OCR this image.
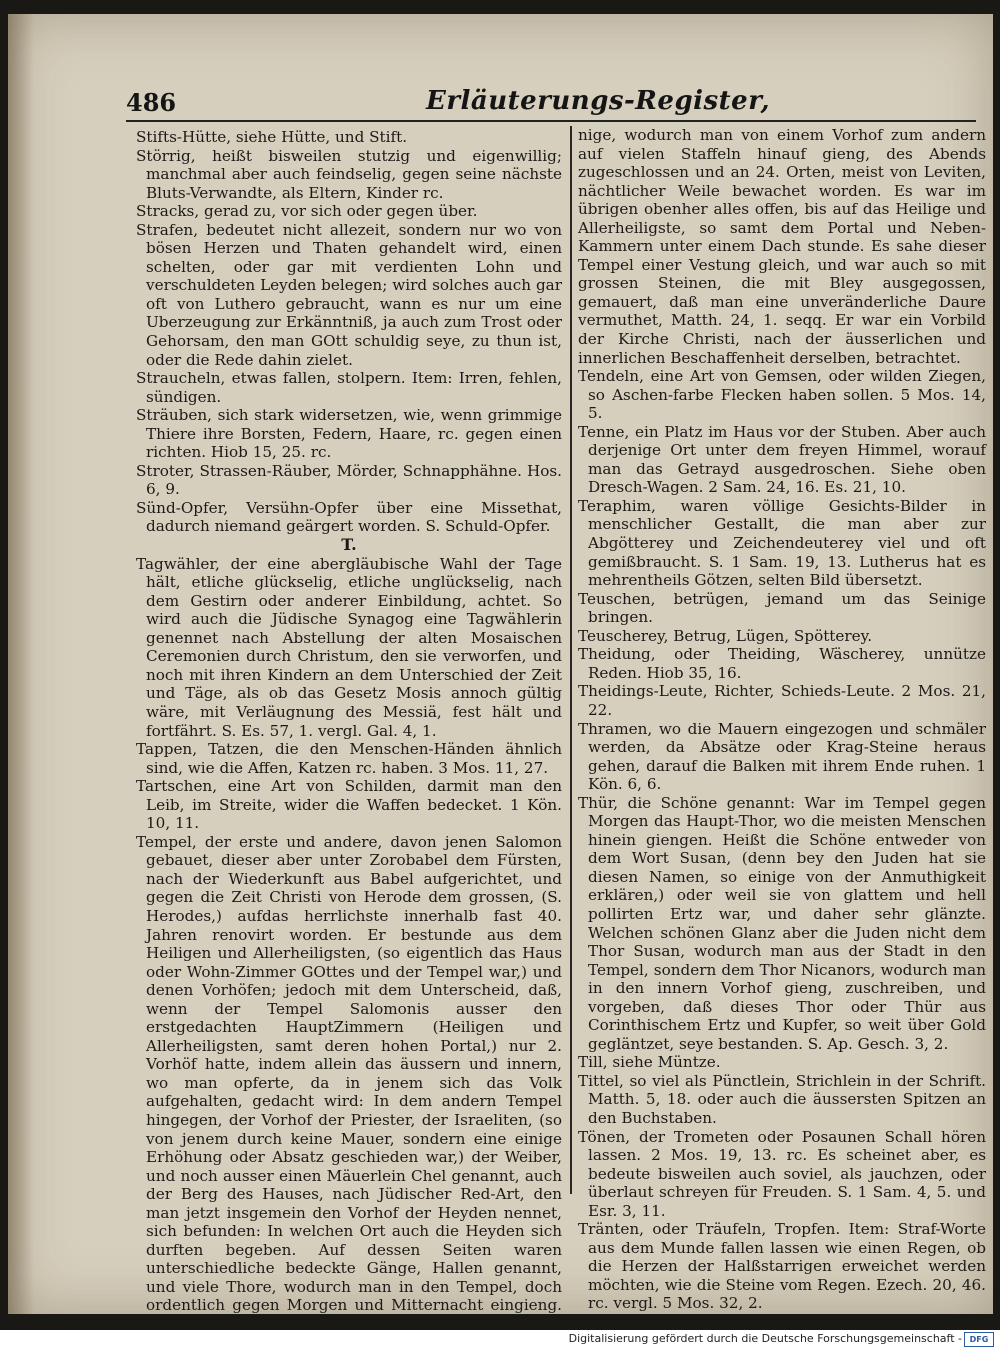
486	Erläuterungs-Register,

Stifts-Hütte, siehe Hütte, und Stift.

Störrig, heißt bisweilen stutzig und eigenwillig; manchmal aber auch feindselig, gegen seine nächste Bluts-Verwandte, als Eltern, Kinder rc.

Stracks, gerad zu, vor sich oder gegen über.

Strafen, bedeutet nicht allezeit, sondern nur wo von bösen Herzen und Thaten gehandelt wird, einen schelten, oder gar mit verdienten Lohn und verschuldeten Leyden belegen; wird solches auch gar oft von Luthero gebraucht, wann es nur um eine Uberzeugung zur Erkänntniß, ja auch zum Trost oder Gehorsam, den man GOtt schuldig seye, zu thun ist, oder die Rede dahin zielet.

Straucheln, etwas fallen, stolpern. Item: Irren, fehlen, sündigen.

Sträuben, sich stark widersetzen, wie, wenn grimmige Thiere ihre Borsten, Federn, Haare, rc. gegen einen richten. Hiob 15, 25. rc.

Stroter, Strassen-Räuber, Mörder, Schnapphähne. Hos. 6, 9.

Sünd-Opfer, Versühn-Opfer über eine Missethat, dadurch niemand geärgert worden. S. Schuld-Opfer.

T.

Tagwähler, der eine abergläubische Wahl der Tage hält, etliche glückselig, etliche unglückselig, nach dem Gestirn oder anderer Einbildung, achtet. So wird auch die Jüdische Synagog eine Tagwählerin genennet nach Abstellung der alten Mosaischen Ceremonien durch Christum, den sie verworfen, und noch mit ihren Kindern an dem Unterschied der Zeit und Täge, als ob das Gesetz Mosis annoch gültig wäre, mit Verläugnung des Messiä, fest hält und fortfährt. S. Es. 57, 1. vergl. Gal. 4, 1.

Tappen, Tatzen, die den Menschen-Händen ähnlich sind, wie die Affen, Katzen rc. haben. 3 Mos. 11, 27.

Tartschen, eine Art von Schilden, darmit man den Leib, im Streite, wider die Waffen bedecket. 1 Kön. 10, 11.

Tempel, der erste und andere, davon jenen Salomon gebauet, dieser aber unter Zorobabel dem Fürsten, nach der Wiederkunft aus Babel aufgerichtet, und gegen die Zeit Christi von Herode dem grossen, (S. Herodes,) aufdas herrlichste innerhalb fast 40. Jahren renovirt worden. Er bestunde aus dem Heiligen und Allerheiligsten, (so eigentlich das Haus oder Wohn-Zimmer GOttes und der Tempel war,) und denen Vorhöfen; jedoch mit dem Unterscheid, daß, wenn der Tempel Salomonis ausser den erstgedachten HauptZimmern (Heiligen und Allerheiligsten, samt deren hohen Portal,) nur 2. Vorhöf hatte, indem allein das äussern und innern, wo man opferte, da in jenem sich das Volk aufgehalten, gedacht wird: In dem andern Tempel hingegen, der Vorhof der Priester, der Israeliten, (so von jenem durch keine Mauer, sondern eine einige Erhöhung oder Absatz geschieden war,) der Weiber, und noch ausser einen Mäuerlein Chel genannt, auch der Berg des Hauses, nach Jüdischer Red-Art, den man jetzt insgemein den Vorhof der Heyden nennet, sich befunden: In welchen Ort auch die Heyden sich durften begeben. Auf dessen Seiten waren unterschiedliche bedeckte Gänge, Hallen genannt, und viele Thore, wodurch man in den Tempel, doch ordentlich gegen Morgen und Mitternacht eingieng.

nige, wodurch man von einem Vorhof zum andern auf vielen Staffeln hinauf gieng, des Abends zugeschlossen und an 24. Orten, meist von Leviten, nächtlicher Weile bewachet worden. Es war im übrigen obenher alles offen, bis auf das Heilige und Allerheiligste, so samt dem Portal und Neben-Kammern unter einem Dach stunde. Es sahe dieser Tempel einer Vestung gleich, und war auch so mit grossen Steinen, die mit Bley ausgegossen, gemauert, daß man eine unveränderliche Daure vermuthet, Matth. 24, 1. seqq. Er war ein Vorbild der Kirche Christi, nach der äusserlichen und innerlichen Beschaffenheit derselben, betrachtet.

Tendeln, eine Art von Gemsen, oder wilden Ziegen, so Aschen-farbe Flecken haben sollen. 5 Mos. 14, 5.

Tenne, ein Platz im Haus vor der Stuben. Aber auch derjenige Ort unter dem freyen Himmel, worauf man das Getrayd ausgedroschen. Siehe oben Dresch-Wagen. 2 Sam. 24, 16. Es. 21, 10.

Teraphim, waren völlige Gesichts-Bilder in menschlicher Gestallt, die man aber zur Abgötterey und Zeichendeuterey viel und oft gemißbraucht. S. 1 Sam. 19, 13. Lutherus hat es mehrentheils Götzen, selten Bild übersetzt.

Teuschen, betrügen, jemand um das Seinige bringen.

Teuscherey, Betrug, Lügen, Spötterey.

Theidung, oder Theiding, Wäscherey, unnütze Reden. Hiob 35, 16.

Theidings-Leute, Richter, Schieds-Leute. 2 Mos. 21, 22.

Thramen, wo die Mauern eingezogen und schmäler werden, da Absätze oder Krag-Steine heraus gehen, darauf die Balken mit ihrem Ende ruhen. 1 Kön. 6, 6.

Thür, die Schöne genannt: War im Tempel gegen Morgen das Haupt-Thor, wo die meisten Menschen hinein giengen. Heißt die Schöne entweder von dem Wort Susan, (denn bey den Juden hat sie diesen Namen, so einige von der Anmuthigkeit erklären,) oder weil sie von glattem und hell pollirten Ertz war, und daher sehr glänzte. Welchen schönen Glanz aber die Juden nicht dem Thor Susan, wodurch man aus der Stadt in den Tempel, sondern dem Thor Nicanors, wodurch man in den innern Vorhof gieng, zuschreiben, und vorgeben, daß dieses Thor oder Thür aus Corinthischem Ertz und Kupfer, so weit über Gold gegläntzet, seye bestanden. S. Ap. Gesch. 3, 2.

Till, siehe Müntze.

Tittel, so viel als Pünctlein, Strichlein in der Schrift. Matth. 5, 18. oder auch die äussersten Spitzen an den Buchstaben.

Tönen, der Trometen oder Posaunen Schall hören lassen. 2 Mos. 19, 13. rc. Es scheinet aber, es bedeute bisweilen auch soviel, als jauchzen, oder überlaut schreyen für Freuden. S. 1 Sam. 4, 5. und Esr. 3, 11.

Tränten, oder Träufeln, Tropfen. Item: Straf-Worte aus dem Munde fallen lassen wie einen Regen, ob die Herzen der Halßstarrigen erweichet werden möchten, wie die Steine vom Regen. Ezech. 20, 46. rc. vergl. 5 Mos. 32, 2.

Digitalisierung gefördert durch die Deutsche Forschungsgemeinschaft - DFG
